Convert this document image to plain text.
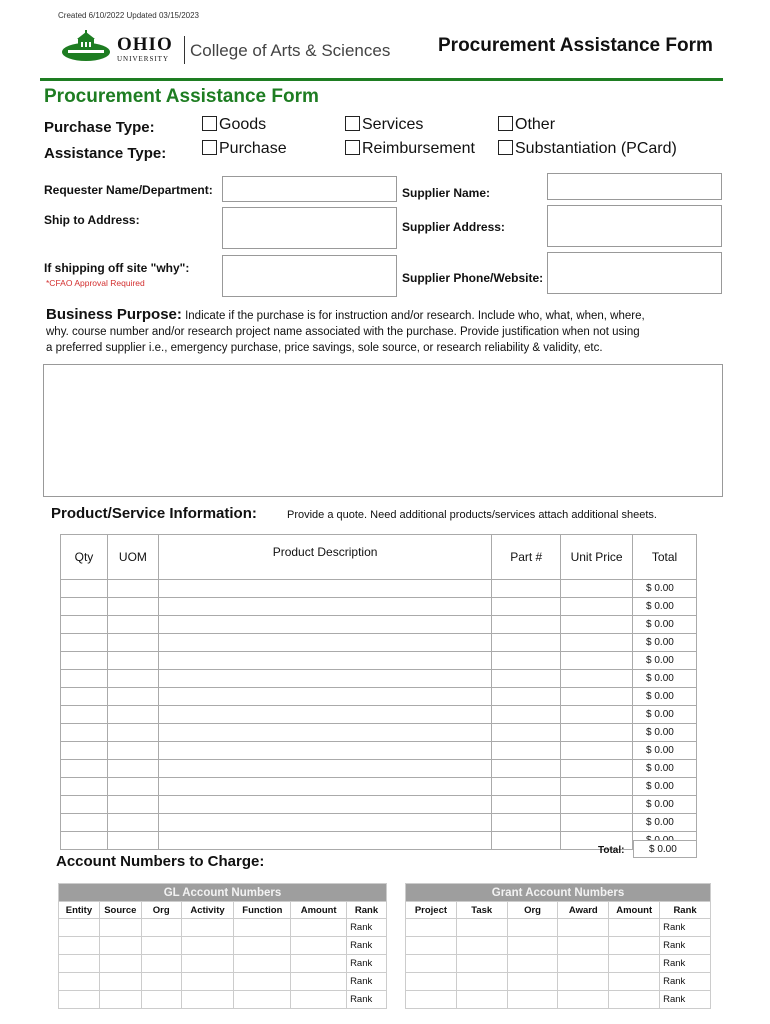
Created 6/10/2022 Updated 03/15/2023
OHIO
UNIVERSITY College of Arts & Sciences	Procurement Assistance Form
Procurement Assistance Form
Purchase Type:
Assistance Type:
Goods	Services	Other
Purchase	Reimbursement	Substantiation (PCard)
Requester Name/Department:
Ship to Address:
If shipping off site "why":
*CFAO Approval Required
Supplier Name:
Supplier Address:
Supplier Phone/Website:
Business Purpose: Indicate if the purchase is for instruction and/or research. Include who, what, when, where,
why. course number and/or research project name associated with the purchase. Provide justification when not using
a preferred supplier i.e., emergency purchase, price savings, sole source, or research reliability & validity, etc.
Product/Service Information:	Provide a quote. Need additional products/services attach additional sheets.
Qty	UOM	Product Description	Part #	Unit Price	Total
					$ 0.00
					$ 0.00
					$ 0.00
					$ 0.00
					$ 0.00
					$ 0.00
					$ 0.00
					$ 0.00
					$ 0.00
					$ 0.00
					$ 0.00
					$ 0.00
					$ 0.00
					$ 0.00

Total:	$ 0.00
Account Numbers to Charge:
GL Account Numbers						
Entity	Source	Org	Activity	Function	Amount	Rank
						Rank
						Rank
						Rank
						Rank
						Rank
Grant Account Numbers					
Project	Task	Org	Award	Amount	Rank
					Rank
					Rank
					Rank
					Rank
					Rank
